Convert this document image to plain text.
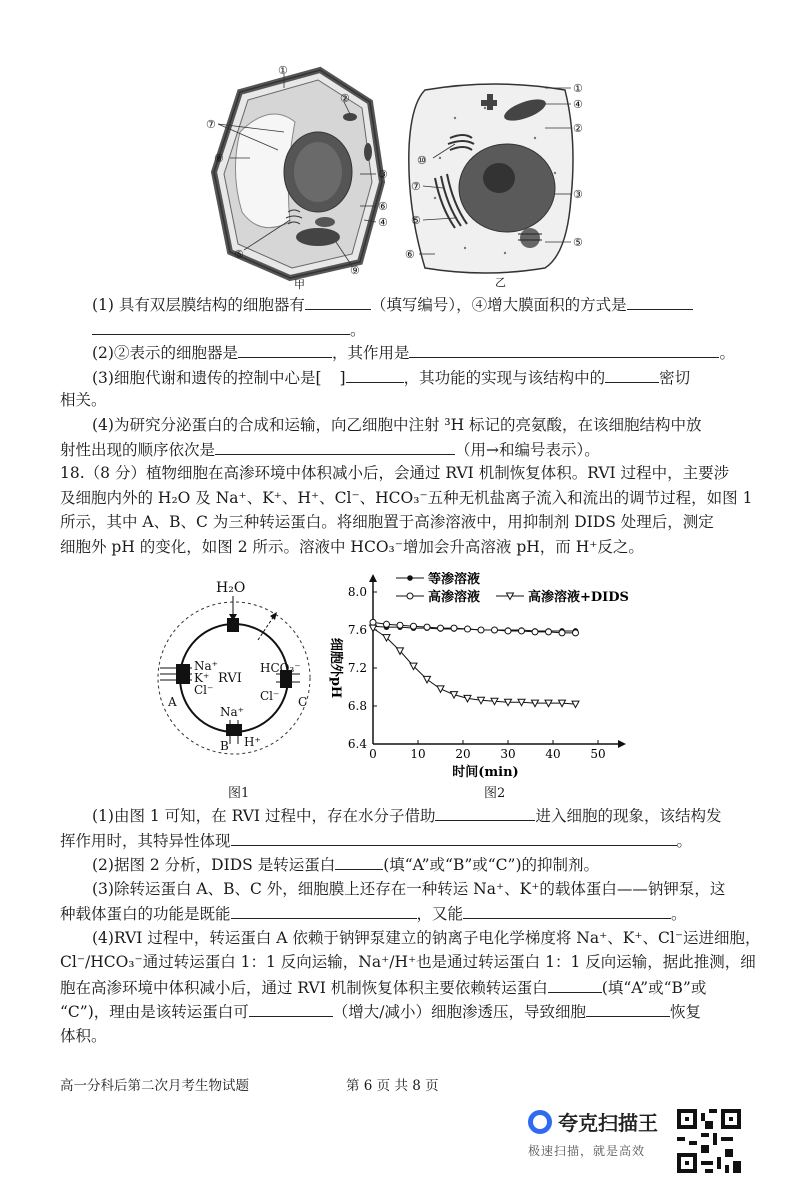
①
②
⑦
⑧
③
⑥
④
⑤
⑨
甲
①
④
②
⑩
⑦
③
⑤
⑤
⑥
乙
(1) 具有双层膜结构的细胞器有	（填写编号），④增大膜面积的方式是
。
(2)②表示的细胞器是	，其作用是	。
(3)细胞代谢和遗传的控制中心是[ ]	，其功能的实现与该结构中的	密切
相关。
(4)为研究分泌蛋白的合成和运输，向乙细胞中注射 ³H 标记的亮氨酸，在该细胞结构中放
射性出现的顺序依次是	（用→和编号表示）。
18.（8 分）植物细胞在高渗环境中体积减小后，会通过 RVI 机制恢复体积。RVI 过程中，主要涉
及细胞内外的 H₂O 及 Na⁺、K⁺、H⁺、Cl⁻、HCO₃⁻五种无机盐离子流入和流出的调节过程，如图 1
所示，其中 A、B、C 为三种转运蛋白。将细胞置于高渗溶液中，用抑制剂 DIDS 处理后，测定
细胞外 pH 的变化，如图 2 所示。溶液中 HCO₃⁻增加会升高溶液 pH，而 H⁺反之。
H₂O
RVI
Na⁺
K⁺
Cl⁻
HCO₃⁻
Cl⁻
Na⁺
H⁺
A
B
C
图1
0	10 20 30 40 50
6.4
6.8
7.2
7.6
8.0
时间(min)
细胞外pH
等渗溶液
高渗溶液	高渗溶液+DIDS
图2
(1)由图 1 可知，在 RVI 过程中，存在水分子借助	进入细胞的现象，该结构发
挥作用时，其特异性体现	。
(2)据图 2 分析，DIDS 是转运蛋白	(填“A”或“B”或“C”)的抑制剂。
(3)除转运蛋白 A、B、C 外，细胞膜上还存在一种转运 Na⁺、K⁺的载体蛋白——钠钾泵，这
种载体蛋白的功能是既能	，又能	。
(4)RVI 过程中，转运蛋白 A 依赖于钠钾泵建立的钠离子电化学梯度将 Na⁺、K⁺、Cl⁻运进细胞，
Cl⁻/HCO₃⁻通过转运蛋白 1：1 反向运输，Na⁺/H⁺也是通过转运蛋白 1：1 反向运输，据此推测，细
胞在高渗环境中体积减小后，通过 RVI 机制恢复体积主要依赖转运蛋白	(填“A”或“B”或
“C”)，理由是该转运蛋白可	（增大/减小）细胞渗透压，导致细胞	恢复
体积。
高一分科后第二次月考生物试题	第 6 页 共 8 页
夸克扫描王
极速扫描，就是高效
